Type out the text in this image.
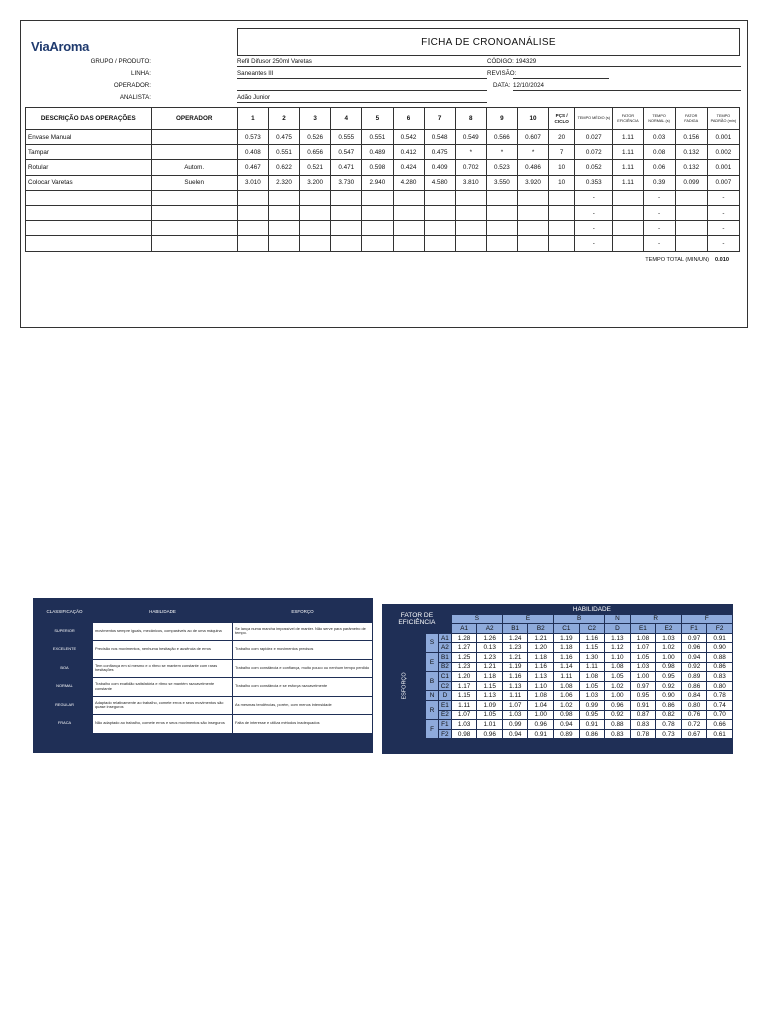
ViaAroma	FICHA DE CRONOANÁLISE
GRUPO / PRODUTO:	Refil Difusor 250ml Varetas	CÓDIGO: 194329
LINHA:	Saneantes III	REVISÃO:
OPERADOR:	DATA: 12/10/2024
ANALISTA:	Adão Junior
DESCRIÇÃO DAS OPERAÇÕES	OPERADOR	1	2	3	4	5	6	7	8	9	10	PÇS / CICLO	TEMPO MÉDIO (s)	FATOR EFICIÊNCIA	TEMPO NORMAL (s)	FATOR FADIGA	TEMPO PADRÃO (min)
Envase Manual		0.573	0.475	0.526	0.555	0.551	0.542	0.548	0.549	0.566	0.607	20	0.027	1.11	0.03	0.156	0.001
Tampar		0.408	0.551	0.656	0.547	0.489	0.412	0.475	*	*	*	7	0.072	1.11	0.08	0.132	0.002
Rotular	Autom.	0.467	0.622	0.521	0.471	0.598	0.424	0.409	0.702	0.523	0.486	10	0.052	1.11	0.06	0.132	0.001
Colocar Varetas	Suelen	3.010	2.320	3.200	3.730	2.940	4.280	4.580	3.810	3.550	3.920	10	0.353	1.11	0.39	0.099	0.007
													-		-		-
													-		-		-
													-		-		-
													-		-		-
TEMPO TOTAL (MIN/UN) 0.010
CLASSIFICAÇÃO	HABILIDADE	ESFORÇO
SUPERIOR	movimentos sempre iguais, mecânicos, comparáveis ao de uma máquina	Se lança numa marcha impossível de manter. Não serve para parâmetro de tempo.
EXCELENTE	Precisão nos movimentos, nenhuma hesitação e ausência de erros	Trabalho com rapidez e movimentos precisos
BOA	Tem confiança em si mesmo e o ritmo se mantem constante com raras hesitações	Trabalho com constância e confiança, muito pouco ou nenhum tempo perdido
NORMAL	Trabalho com exatidão satisfatória e ritmo se mantém razoavelmente constante	Trabalho com constância e se esforça razoavelmente
REGULAR	Adaptado relativamente ao trabalho, comete erros e seus movimentos são quase inseguros	As mesmas tendências, porém, com menos intensidade
FRACA	Não adaptado ao trabalho, comete erros e seus movimentos são inseguros	Falta de interesse e utiliza métodos inadequados
FATOR DE EFICIÊNCIA			HABILIDADE										
			S		E		B		N	R		F	
			A1	A2	B1	B2	C1	C2	D	E1	E2	F1	F2
ESFORÇO	S	A1	1.28	1.26	1.24	1.21	1.19	1.16	1.13	1.08	1.03	0.97	0.91
		A2	1.27	0.13	1.23	1.20	1.18	1.15	1.12	1.07	1.02	0.96	0.90
	E	B1	1.25	1.23	1.21	1.18	1.16	1.30	1.10	1.05	1.00	0.94	0.88
		B2	1.23	1.21	1.19	1.16	1.14	1.11	1.08	1.03	0.98	0.92	0.86
	B	C1	1.20	1.18	1.16	1.13	1.11	1.08	1.05	1.00	0.95	0.89	0.83
		C2	1.17	1.15	1.13	1.10	1.08	1.05	1.02	0.97	0.92	0.86	0.80
	N	D	1.15	1.13	1.11	1.08	1.06	1.03	1.00	0.95	0.90	0.84	0.78
	R	E1	1.11	1.09	1.07	1.04	1.02	0.99	0.96	0.91	0.86	0.80	0.74
		E2	1.07	1.05	1.03	1.00	0.98	0.95	0.92	0.87	0.82	0.76	0.70
	F	F1	1.03	1.01	0.99	0.96	0.94	0.91	0.88	0.83	0.78	0.72	0.66
		F2	0.98	0.96	0.94	0.91	0.89	0.86	0.83	0.78	0.73	0.67	0.61
